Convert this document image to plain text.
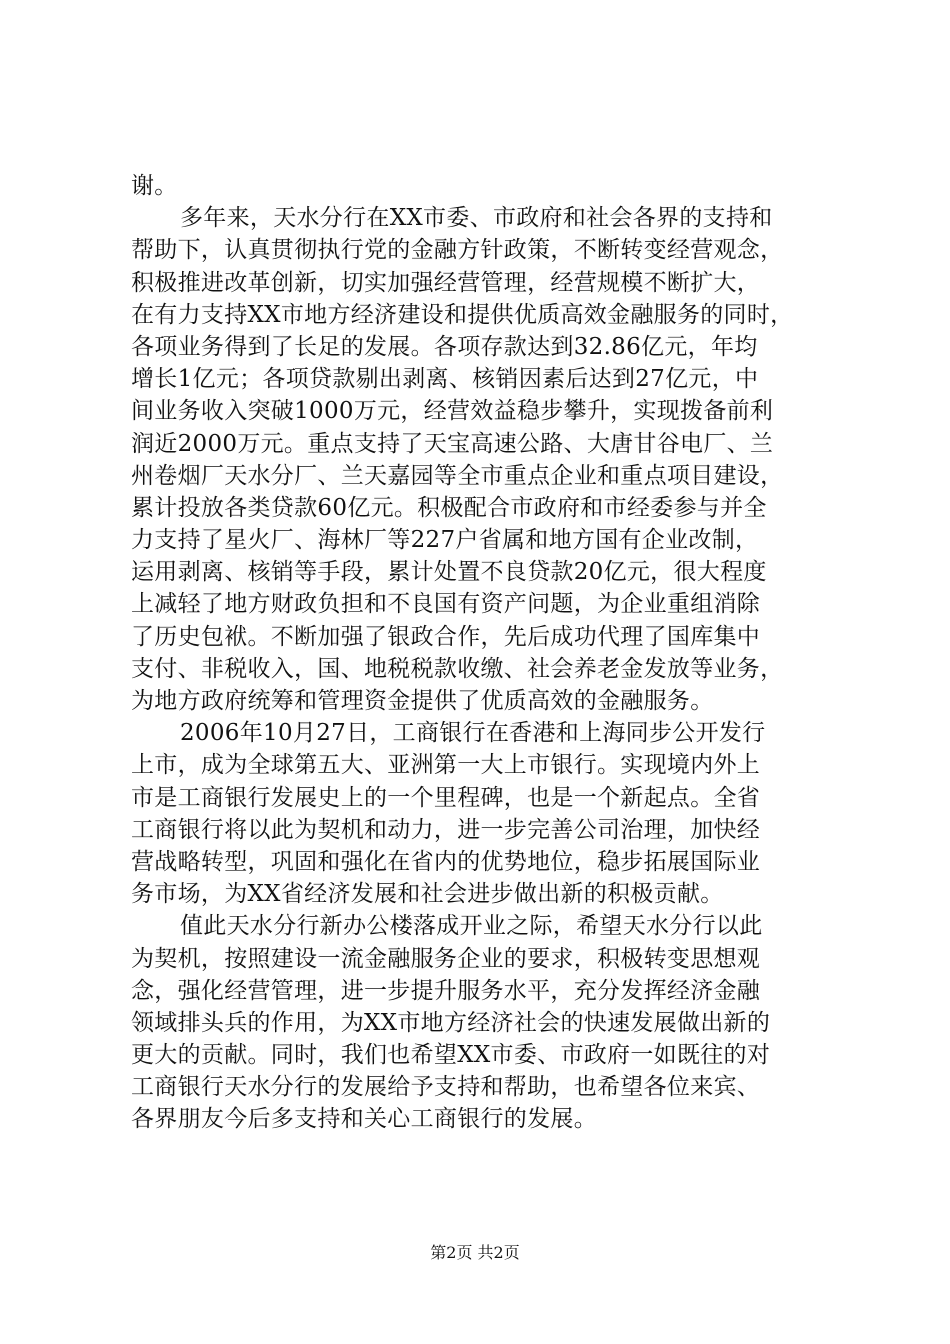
谢。
多年来，天水分行在XX市委、市政府和社会各界的支持和
帮助下，认真贯彻执行党的金融方针政策，不断转变经营观念，
积极推进改革创新，切实加强经营管理，经营规模不断扩大，
在有力支持XX市地方经济建设和提供优质高效金融服务的同时，
各项业务得到了长足的发展。各项存款达到32.86亿元，年均
增长1亿元；各项贷款剔出剥离、核销因素后达到27亿元，中
间业务收入突破1000万元，经营效益稳步攀升，实现拨备前利
润近2000万元。重点支持了天宝高速公路、大唐甘谷电厂、兰
州卷烟厂天水分厂、兰天嘉园等全市重点企业和重点项目建设，
累计投放各类贷款60亿元。积极配合市政府和市经委参与并全
力支持了星火厂、海林厂等227户省属和地方国有企业改制，
运用剥离、核销等手段，累计处置不良贷款20亿元，很大程度
上减轻了地方财政负担和不良国有资产问题，为企业重组消除
了历史包袱。不断加强了银政合作，先后成功代理了国库集中
支付、非税收入，国、地税税款收缴、社会养老金发放等业务，
为地方政府统筹和管理资金提供了优质高效的金融服务。
2006年10月27日，工商银行在香港和上海同步公开发行
上市，成为全球第五大、亚洲第一大上市银行。实现境内外上
市是工商银行发展史上的一个里程碑，也是一个新起点。全省
工商银行将以此为契机和动力，进一步完善公司治理，加快经
营战略转型，巩固和强化在省内的优势地位，稳步拓展国际业
务市场，为XX省经济发展和社会进步做出新的积极贡献。
值此天水分行新办公楼落成开业之际，希望天水分行以此
为契机，按照建设一流金融服务企业的要求，积极转变思想观
念，强化经营管理，进一步提升服务水平，充分发挥经济金融
领域排头兵的作用，为XX市地方经济社会的快速发展做出新的
更大的贡献。同时，我们也希望XX市委、市政府一如既往的对
工商银行天水分行的发展给予支持和帮助，也希望各位来宾、
各界朋友今后多支持和关心工商银行的发展。
第2页 共2页
